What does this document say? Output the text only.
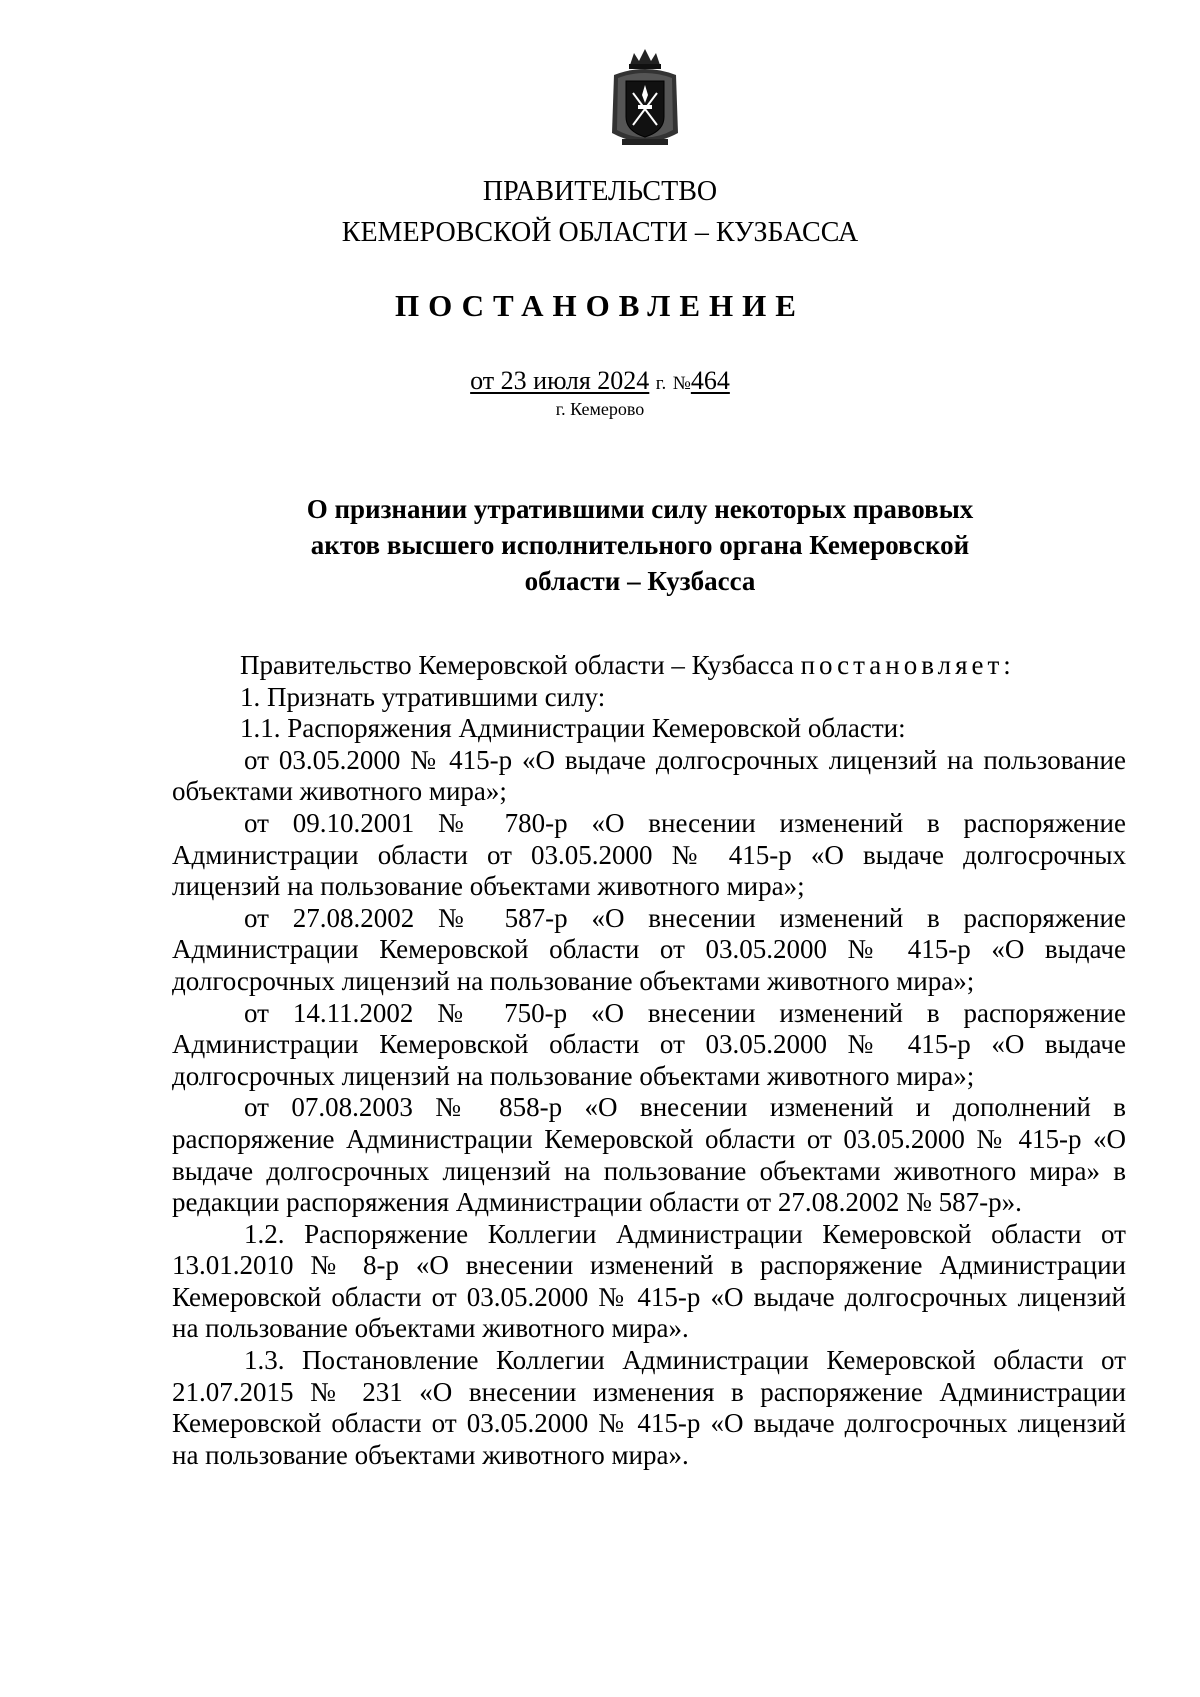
ПРАВИТЕЛЬСТВО
КЕМЕРОВСКОЙ ОБЛАСТИ – КУЗБАССА
ПОСТАНОВЛЕНИЕ
от 23 июля 2024 г. №464
г. Кемерово
О признании утратившими силу некоторых правовых актов высшего исполнительного органа Кемеровской области – Кузбасса

Правительство Кемеровской области – Кузбасса постановляет:

1. Признать утратившими силу:

1.1. Распоряжения Администрации Кемеровской области:

от 03.05.2000 № 415-р «О выдаче долгосрочных лицензий на пользование объектами животного мира»;

от 09.10.2001 № 780-р «О внесении изменений в распоряжение Администрации области от 03.05.2000 № 415-р «О выдаче долгосрочных лицензий на пользование объектами животного мира»;

от 27.08.2002 № 587-р «О внесении изменений в распоряжение Администрации Кемеровской области от 03.05.2000 № 415-р «О выдаче долгосрочных лицензий на пользование объектами животного мира»;

от 14.11.2002 № 750-р «О внесении изменений в распоряжение Администрации Кемеровской области от 03.05.2000 № 415-р «О выдаче долгосрочных лицензий на пользование объектами животного мира»;

от 07.08.2003 № 858-р «О внесении изменений и дополнений в распоряжение Администрации Кемеровской области от 03.05.2000 № 415-р «О выдаче долгосрочных лицензий на пользование объектами животного мира» в редакции распоряжения Администрации области от 27.08.2002 № 587-р».

1.2. Распоряжение Коллегии Администрации Кемеровской области от 13.01.2010 № 8-р «О внесении изменений в распоряжение Администрации Кемеровской области от 03.05.2000 № 415-р «О выдаче долгосрочных лицензий на пользование объектами животного мира».

1.3. Постановление Коллегии Администрации Кемеровской области от 21.07.2015 № 231 «О внесении изменения в распоряжение Администрации Кемеровской области от 03.05.2000 № 415-р «О выдаче долгосрочных лицензий на пользование объектами животного мира».
